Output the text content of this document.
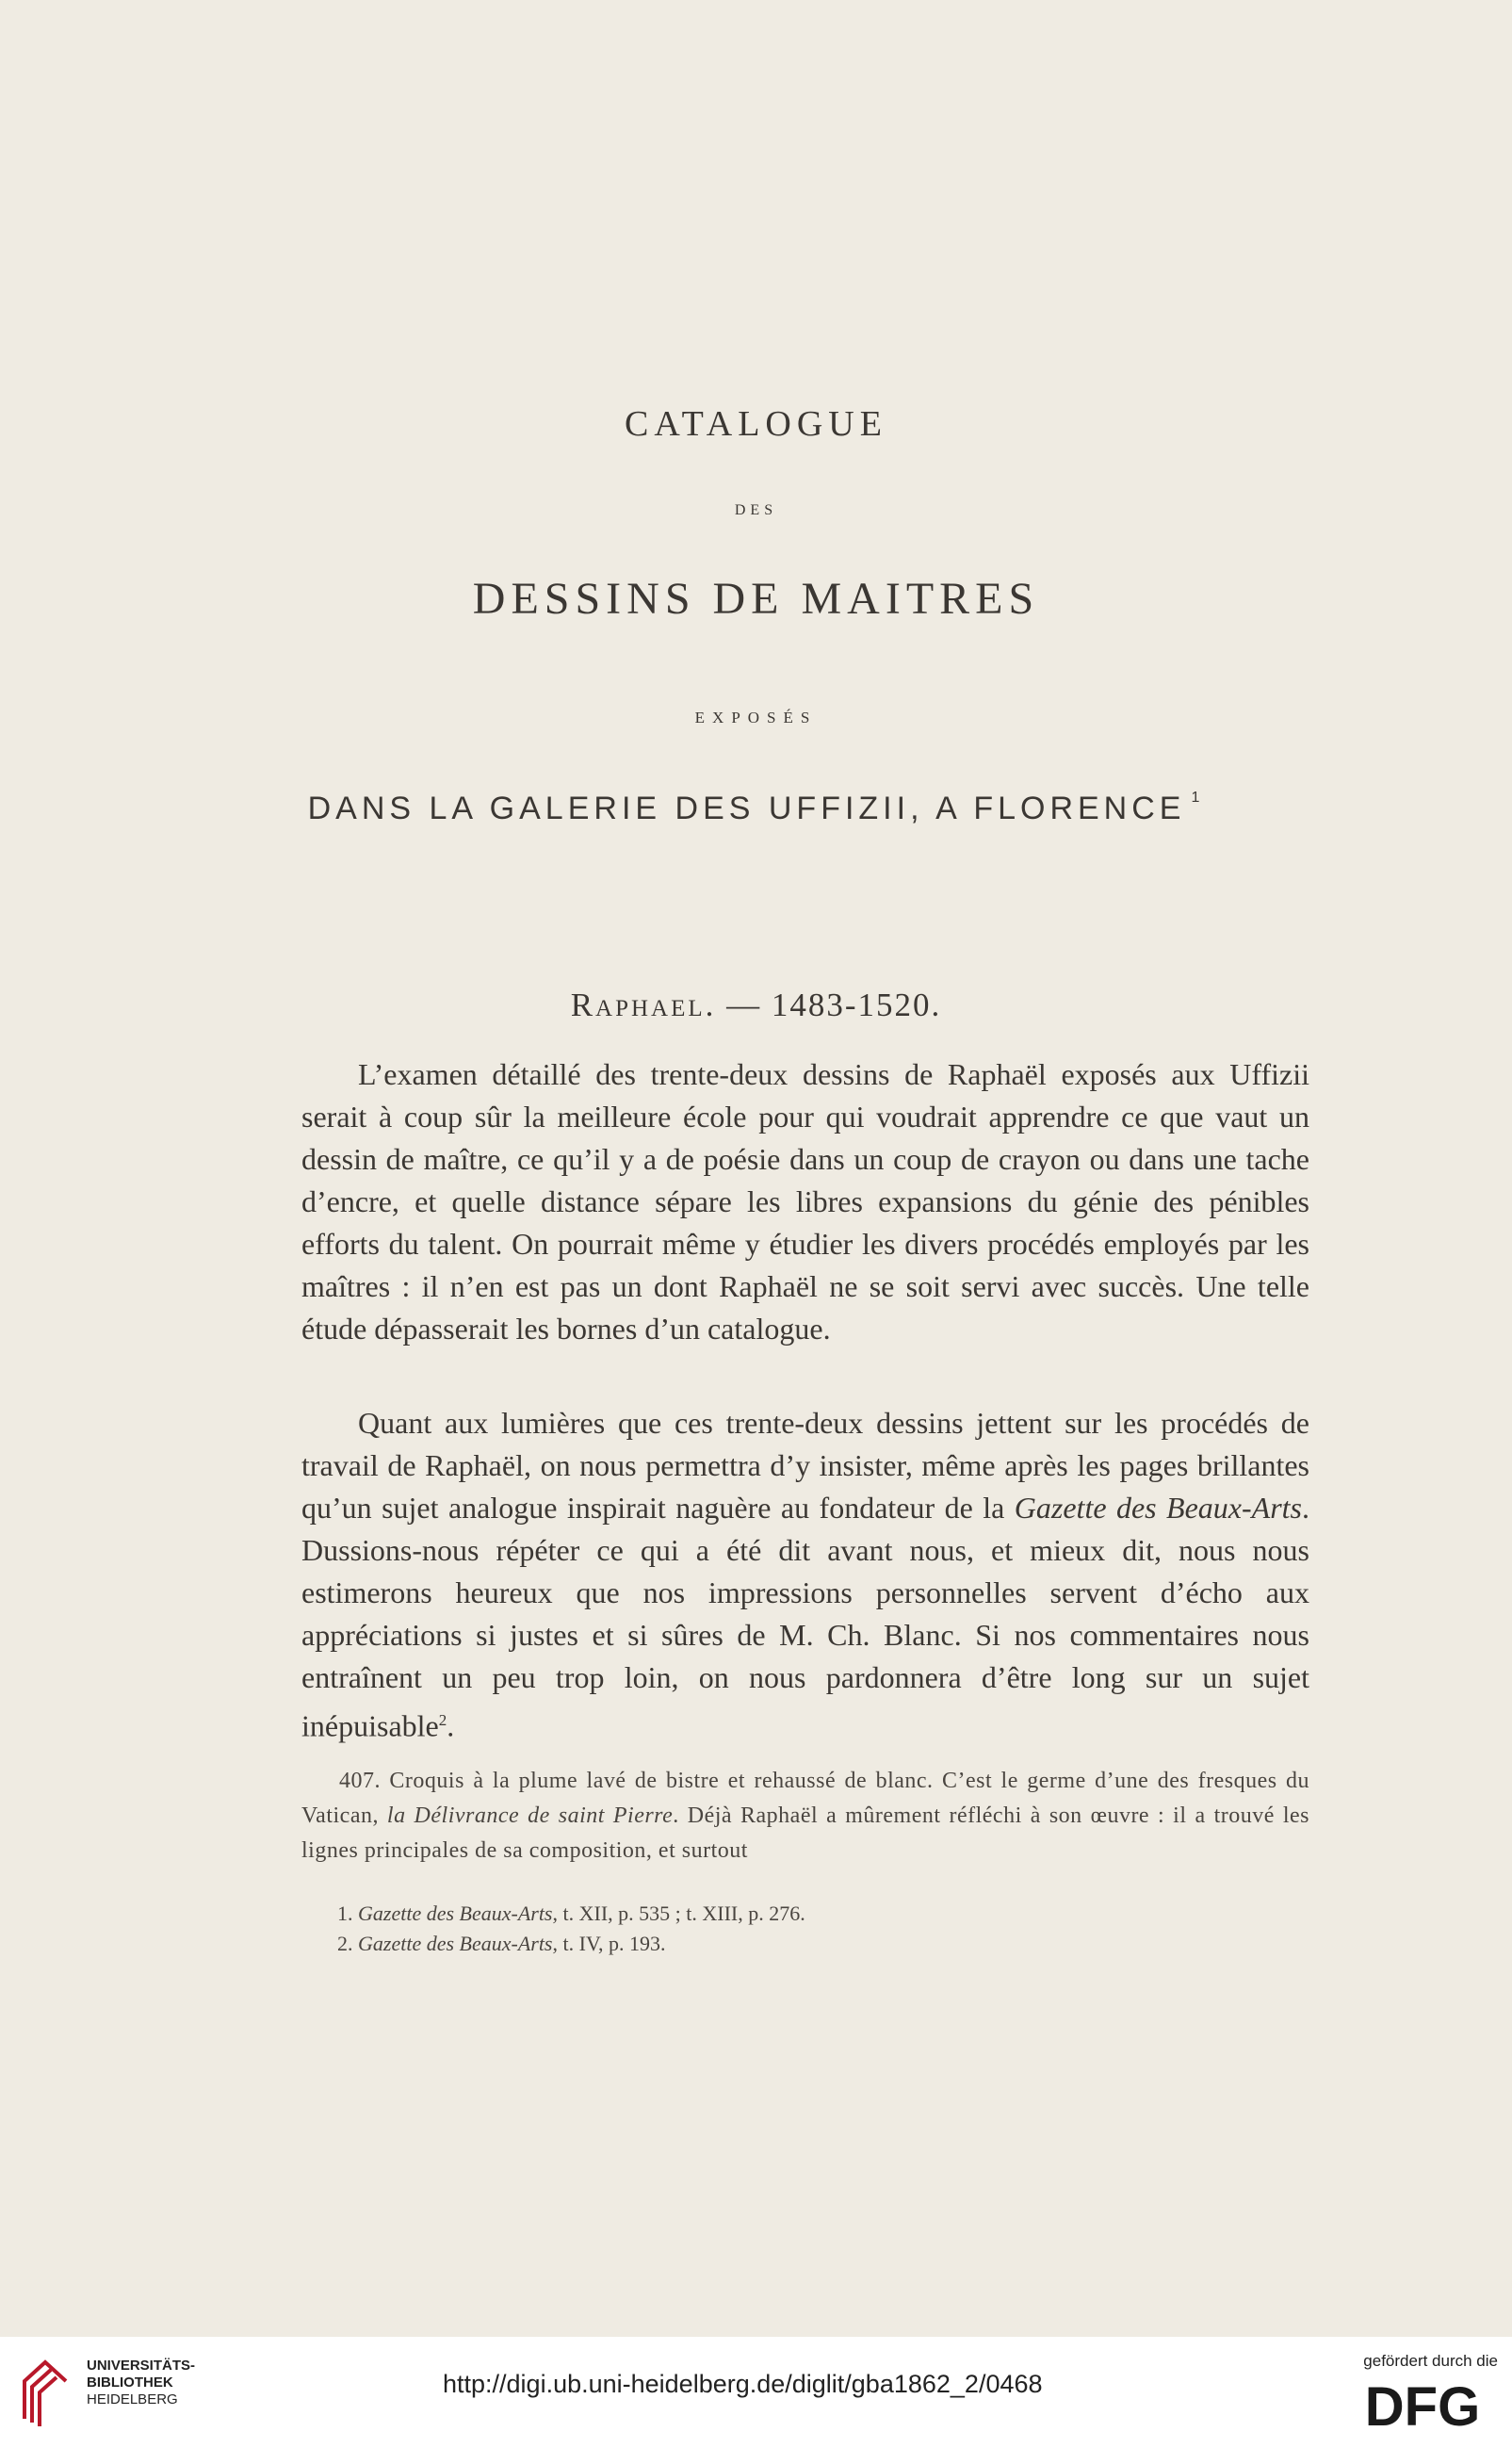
CATALOGUE
DES
DESSINS DE MAITRES
EXPOSÉS
DANS LA GALERIE DES UFFIZII, A FLORENCE $^1$
Raphael. — 1483-1520.

L’examen détaillé des trente-deux dessins de Raphaël exposés aux Uffizii serait à coup sûr la meilleure école pour qui voudrait apprendre ce que vaut un dessin de maître, ce qu’il y a de poésie dans un coup de crayon ou dans une tache d’encre, et quelle distance sépare les libres expansions du génie des pénibles efforts du talent. On pourrait même y étudier les divers procédés employés par les maîtres : il n’en est pas un dont Raphaël ne se soit servi avec succès. Une telle étude dépasserait les bornes d’un catalogue.

Quant aux lumières que ces trente-deux dessins jettent sur les procédés de travail de Raphaël, on nous permettra d’y insister, même après les pages brillantes qu’un sujet analogue inspirait naguère au fondateur de la Gazette des Beaux-Arts. Dussions-nous répéter ce qui a été dit avant nous, et mieux dit, nous nous estimerons heureux que nos impressions personnelles servent d’écho aux appréciations si justes et si sûres de M. Ch. Blanc. Si nos commentaires nous entraînent un peu trop loin, on nous pardonnera d’être long sur un sujet inépuisable$^2$.

407. Croquis à la plume lavé de bistre et rehaussé de blanc. C’est le germe d’une des fresques du Vatican, la Délivrance de saint Pierre. Déjà Raphaël a mûrement réfléchi à son œuvre : il a trouvé les lignes principales de sa composition, et surtout

1. Gazette des Beaux-Arts, t. XII, p. 535 ; t. XIII, p. 276.
2. Gazette des Beaux-Arts, t. IV, p. 193.
UNIVERSITÄTS-
BIBLIOTHEK
HEIDELBERG
http://digi.ub.uni-heidelberg.de/diglit/gba1862_2/0468
gefördert durch die
DFG
